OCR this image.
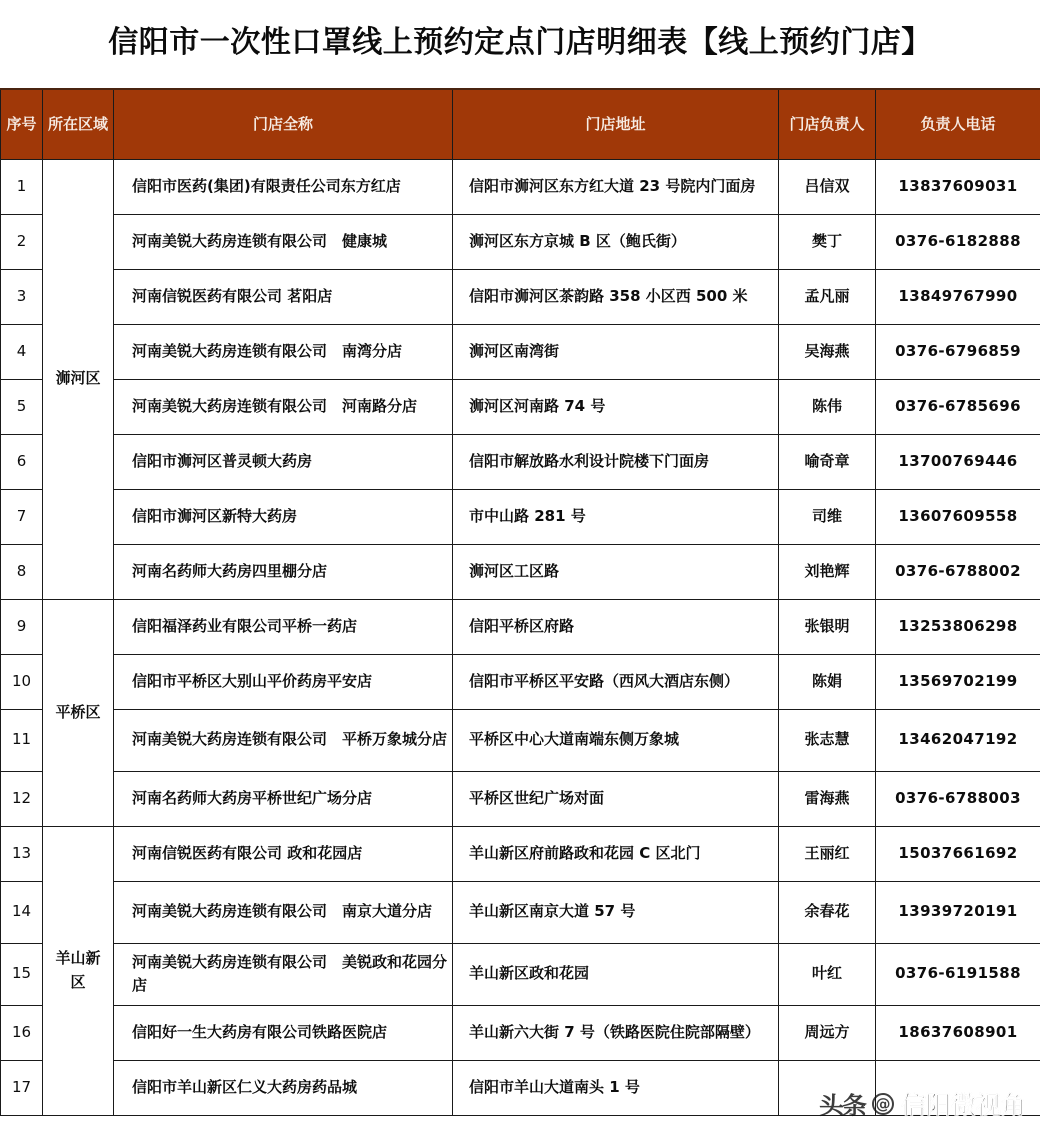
信阳市一次性口罩线上预约定点门店明细表【线上预约门店】
序号	所在区域	门店全称	门店地址	门店负责人	负责人电话
1	浉河区	信阳市医药(集团)有限责任公司东方红店	信阳市浉河区东方红大道 23 号院内门面房	吕信双	13837609031
2		河南美锐大药房连锁有限公司　健康城	浉河区东方京城 B 区（鲍氏街）	樊丁	0376-6182888
3		河南信锐医药有限公司 茗阳店	信阳市浉河区茶韵路 358 小区西 500 米	孟凡丽	13849767990
4		河南美锐大药房连锁有限公司　南湾分店	浉河区南湾街	吴海燕	0376-6796859
5		河南美锐大药房连锁有限公司　河南路分店	浉河区河南路 74 号	陈伟	0376-6785696
6		信阳市浉河区普灵顿大药房	信阳市解放路水利设计院楼下门面房	喻奇章	13700769446
7		信阳市浉河区新特大药房	市中山路 281 号	司维	13607609558
8		河南名药师大药房四里棚分店	浉河区工区路	刘艳辉	0376-6788002
9	平桥区	信阳福泽药业有限公司平桥一药店	信阳平桥区府路	张银明	13253806298
10		信阳市平桥区大别山平价药房平安店	信阳市平桥区平安路（西风大酒店东侧）	陈娟	13569702199
11		河南美锐大药房连锁有限公司　平桥万象城分店	平桥区中心大道南端东侧万象城	张志慧	13462047192
12		河南名药师大药房平桥世纪广场分店	平桥区世纪广场对面	雷海燕	0376-6788003
13	羊山新区	河南信锐医药有限公司 政和花园店	羊山新区府前路政和花园 C 区北门	王丽红	15037661692
14		河南美锐大药房连锁有限公司　南京大道分店	羊山新区南京大道 57 号	余春花	13939720191
15		河南美锐大药房连锁有限公司　美锐政和花园分店	羊山新区政和花园	叶红	0376-6191588
16		信阳好一生大药房有限公司铁路医院店	羊山新六大街 7 号（铁路医院住院部隔壁）	周远方	18637608901
17		信阳市羊山新区仁义大药房药品城	信阳市羊山大道南头 1 号		
头条 @ 信阳微视角
